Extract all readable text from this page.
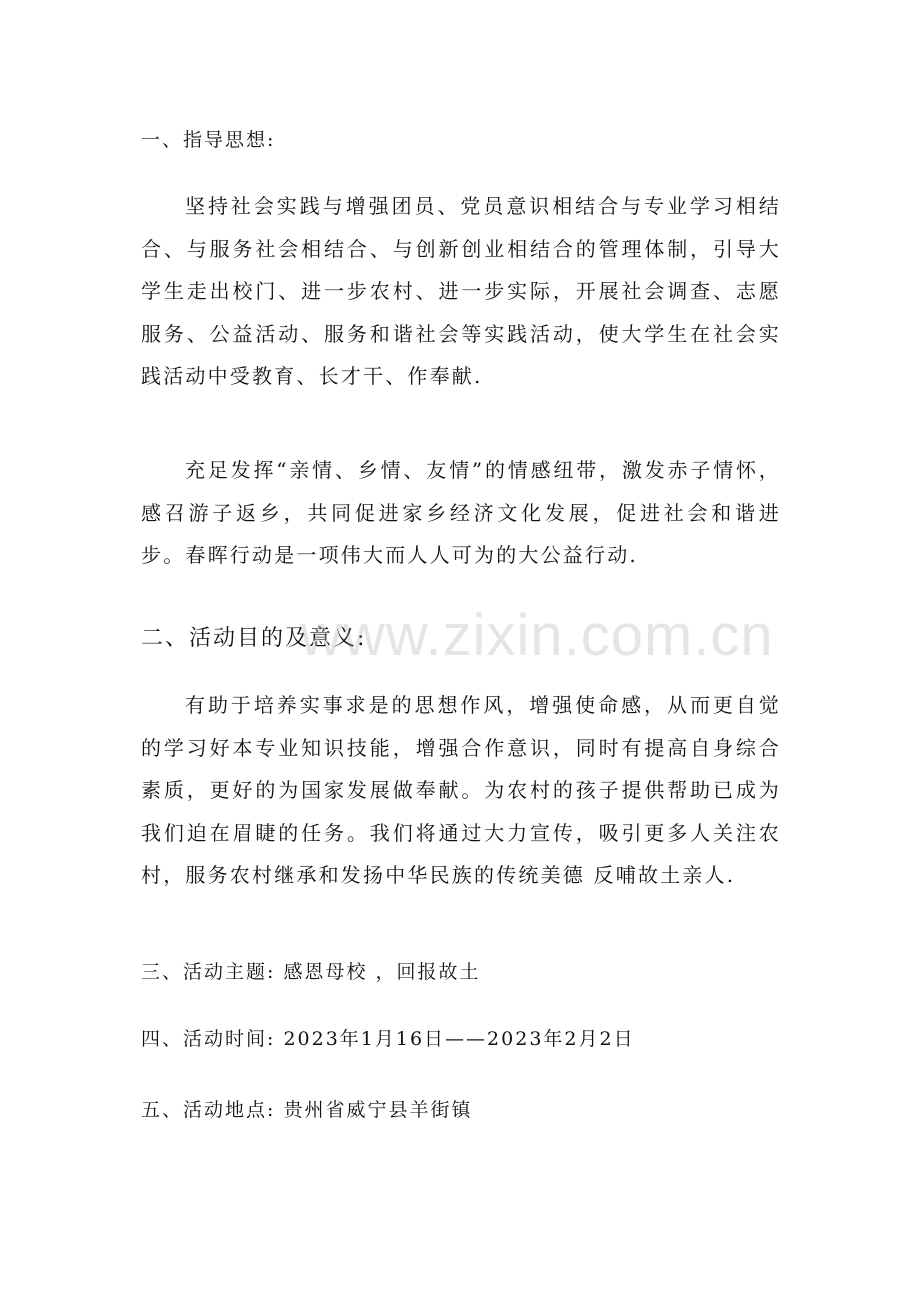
一、指导思想:

坚持社会实践与增强团员、党员意识相结合与专业学习相结合、与服务社会相结合、与创新创业相结合的管理体制，引导大学生走出校门、进一步农村、进一步实际，开展社会调查、志愿服务、公益活动、服务和谐社会等实践活动，使大学生在社会实践活动中受教育、长才干、作奉献.

充足发挥“亲情、乡情、友情”的情感纽带，激发赤子情怀，感召游子返乡，共同促进家乡经济文化发展，促进社会和谐进步。春晖行动是一项伟大而人人可为的大公益行动.

二、活动目的及意义:

有助于培养实事求是的思想作风，增强使命感，从而更自觉的学习好本专业知识技能，增强合作意识，同时有提高自身综合素质，更好的为国家发展做奉献。为农村的孩子提供帮助已成为我们迫在眉睫的任务。我们将通过大力宣传，吸引更多人关注农村，服务农村继承和发扬中华民族的传统美德 反哺故土亲人.

三、活动主题: 感恩母校 ，回报故土
四、活动时间: 2023年1月16日——2023年2月2日
五、活动地点: 贵州省威宁县羊街镇
www.zixin.com.cn
